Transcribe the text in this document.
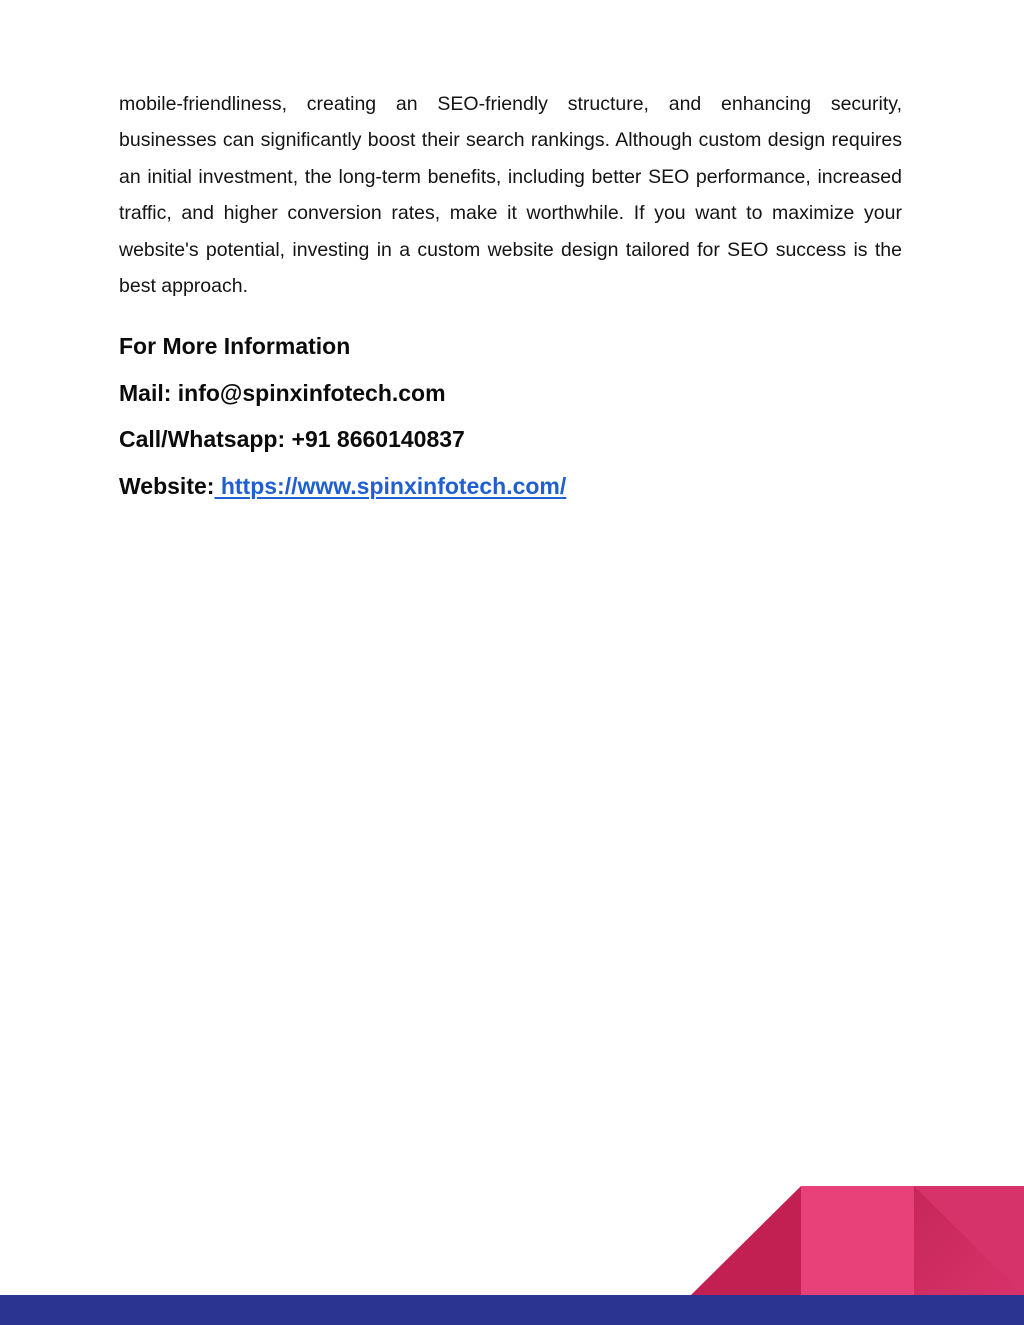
mobile-friendliness, creating an SEO-friendly structure, and enhancing security, businesses can significantly boost their search rankings. Although custom design requires an initial investment, the long-term benefits, including better SEO performance, increased traffic, and higher conversion rates, make it worthwhile. If you want to maximize your website's potential, investing in a custom website design tailored for SEO success is the best approach.

For More Information
Mail: info@spinxinfotech.com
Call/Whatsapp: +91 8660140837
Website: https://www.spinxinfotech.com/
